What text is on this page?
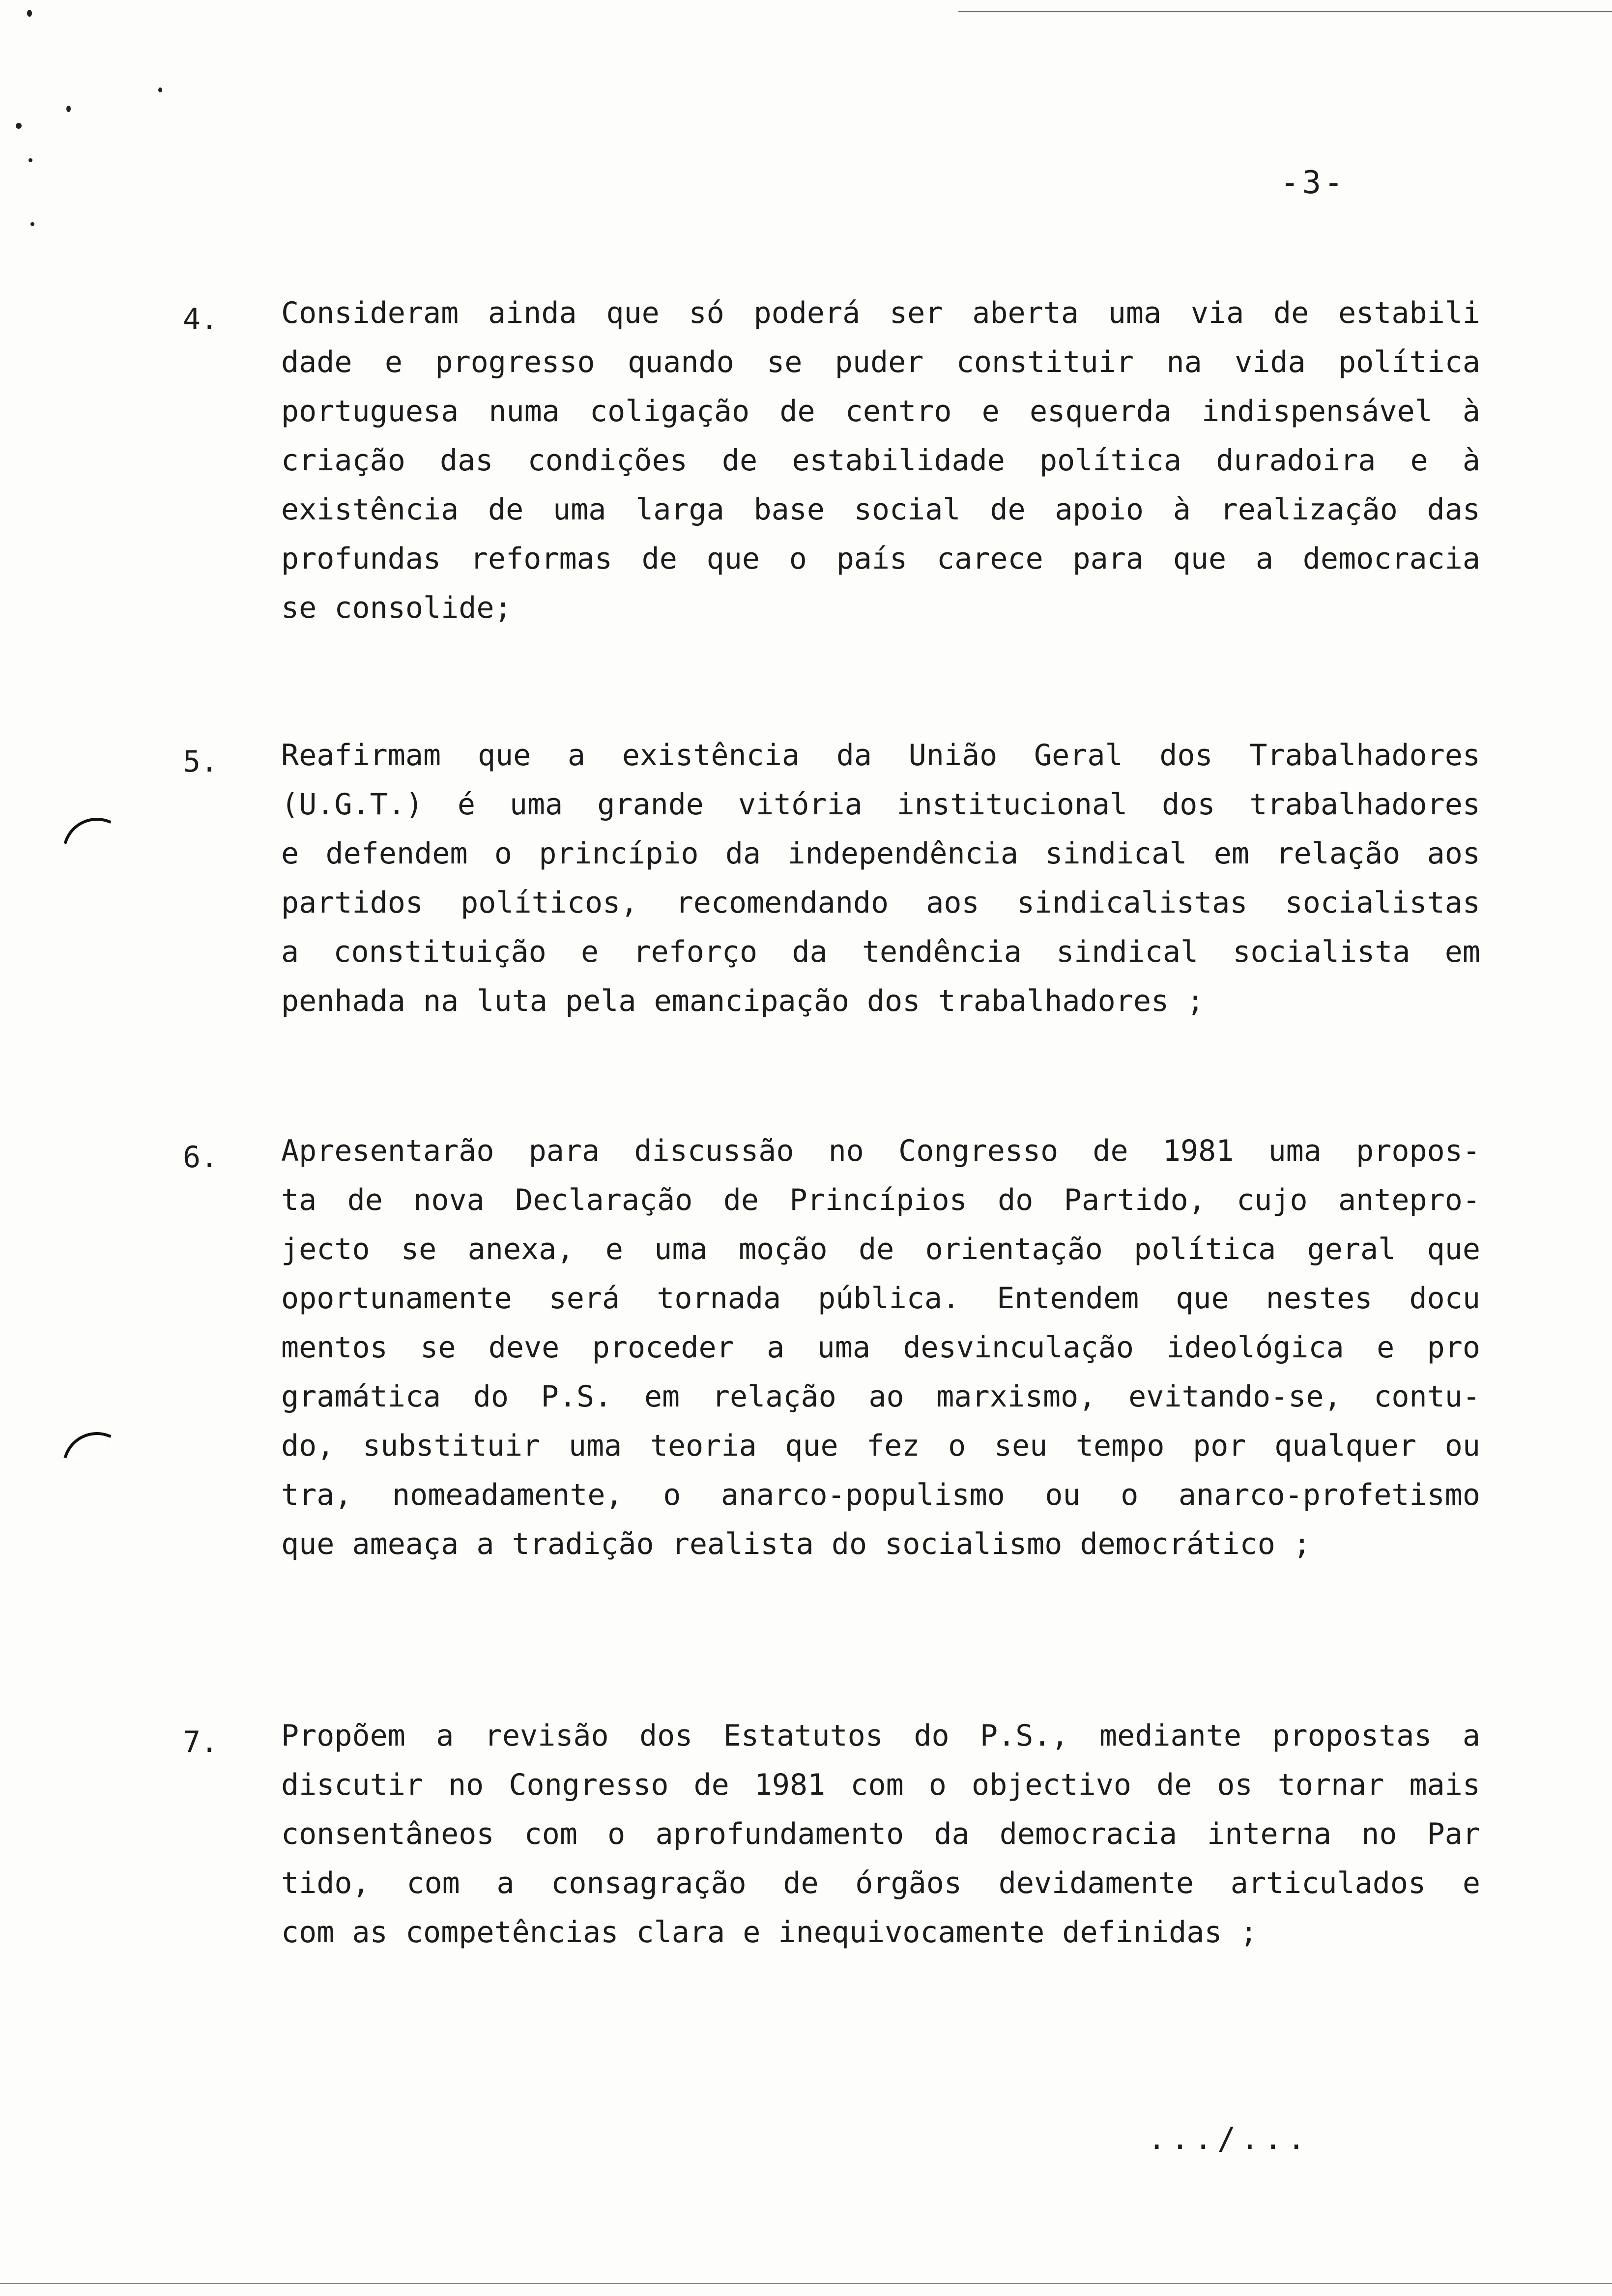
-3-
4. Consideram ainda que só poderá ser aberta uma via de estabili
dade e progresso quando se puder constituir na vida política
portuguesa numa coligação de centro e esquerda indispensável à
criação das condições de estabilidade política duradoira e à
existência de uma larga base social de apoio à realização das
profundas reformas de que o país carece para que a democracia
se consolide;
5. Reafirmam que a existência da União Geral dos Trabalhadores
(U.G.T.) é uma grande vitória institucional dos trabalhadores
e defendem o princípio da independência sindical em relação aos
partidos políticos, recomendando aos sindicalistas socialistas
a constituição e reforço da tendência sindical socialista em
penhada na luta pela emancipação dos trabalhadores ;
6. Apresentarão para discussão no Congresso de 1981 uma propos-
ta de nova Declaração de Princípios do Partido, cujo antepro-
jecto se anexa, e uma moção de orientação política geral que
oportunamente será tornada pública. Entendem que nestes docu
mentos se deve proceder a uma desvinculação ideológica e pro
gramática do P.S. em relação ao marxismo, evitando-se, contu-
do, substituir uma teoria que fez o seu tempo por qualquer ou
tra, nomeadamente, o anarco-populismo ou o anarco-profetismo
que ameaça a tradição realista do socialismo democrático ;
7. Propõem a revisão dos Estatutos do P.S., mediante propostas a
discutir no Congresso de 1981 com o objectivo de os tornar mais
consentâneos com o aprofundamento da democracia interna no Par
tido, com a consagração de órgãos devidamente articulados e
com as competências clara e inequivocamente definidas ;
.../...
